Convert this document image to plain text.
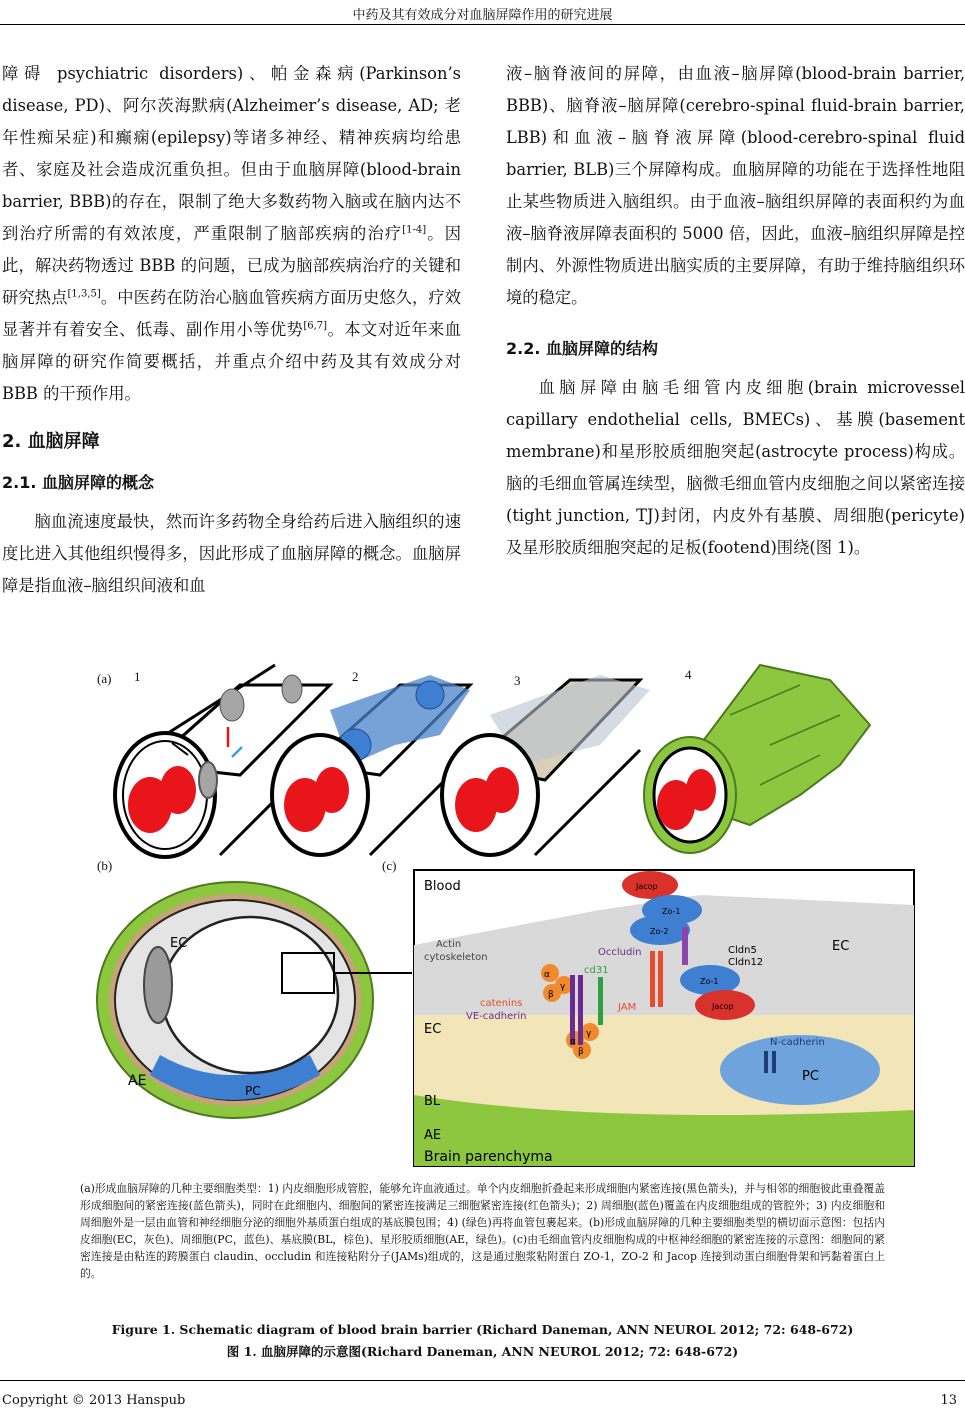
中药及其有效成分对血脑屏障作用的研究进展

障碍 psychiatric disorders)、帕金森病(Parkinson’s disease, PD)、阿尔茨海默病(Alzheimer’s disease, AD; 老年性痴呆症)和癫痫(epilepsy)等诸多神经、精神疾病均给患者、家庭及社会造成沉重负担。但由于血脑屏障(blood-brain barrier, BBB)的存在，限制了绝大多数药物入脑或在脑内达不到治疗所需的有效浓度，严重限制了脑部疾病的治疗[1-4]。因此，解决药物透过 BBB 的问题，已成为脑部疾病治疗的关键和研究热点[1,3,5]。中医药在防治心脑血管疾病方面历史悠久，疗效显著并有着安全、低毒、副作用小等优势[6,7]。本文对近年来血脑屏障的研究作简要概括，并重点介绍中药及其有效成分对 BBB 的干预作用。

2. 血脑屏障
2.1. 血脑屏障的概念

脑血流速度最快，然而许多药物全身给药后进入脑组织的速度比进入其他组织慢得多，因此形成了血脑屏障的概念。血脑屏障是指血液–脑组织间液和血

液–脑脊液间的屏障，由血液–脑屏障(blood-brain barrier, BBB)、脑脊液–脑屏障(cerebro-spinal fluid-brain barrier, LBB)和血液–脑脊液屏障(blood-cerebro-spinal fluid barrier, BLB)三个屏障构成。血脑屏障的功能在于选择性地阻止某些物质进入脑组织。由于血液–脑组织屏障的表面积约为血液–脑脊液屏障表面积的 5000 倍，因此，血液–脑组织屏障是控制内、外源性物质进出脑实质的主要屏障，有助于维持脑组织环境的稳定。

2.2. 血脑屏障的结构

血脑屏障由脑毛细管内皮细胞(brain microvessel capillary endothelial cells, BMECs)、基膜(basement membrane)和星形胶质细胞突起(astrocyte process)构成。脑的毛细血管属连续型，脑微毛细血管内皮细胞之间以紧密连接(tight junction, TJ)封闭，内皮外有基膜、周细胞(pericyte)及星形胶质细胞突起的足板(footend)围绕(图 1)。

(a) 1	2	3	4
(b)	(c)
EC
AE
PC
Blood
Actin
cytoskeleton	Occludin
Jacop
Zo-1
Zo-2
Zo-1
Jacop
Cldn5
Cldn12
EC
EC
catenins
VE-cadherin
cd31
JAM
N-cadherin
PC
BL
AE
Brain parenchyma
α
γ
β
α
γ
β
(a)形成血脑屏障的几种主要细胞类型：1) 内皮细胞形成管腔，能够允许血液通过。单个内皮细胞折叠起来形成细胞内紧密连接(黑色箭头)，并与相邻的细胞彼此重叠覆盖形成细胞间的紧密连接(蓝色箭头)，同时在此细胞内、细胞间的紧密连接满足三细胞紧密连接(红色箭头)；2) 周细胞(蓝色)覆盖在内皮细胞组成的管腔外；3) 内皮细胞和周细胞外是一层由血管和神经细胞分泌的细胞外基质蛋白组成的基底膜包围；4) (绿色)再将血管包裹起来。(b)形成血脑屏障的几种主要细胞类型的横切面示意图：包括内皮细胞(EC，灰色)、周细胞(PC，蓝色)、基底膜(BL，棕色)、星形胶质细胞(AE，绿色)。(c)由毛细血管内皮细胞构成的中枢神经细胞的紧密连接的示意图：细胞间的紧密连接是由粘连的跨膜蛋白 claudin、occludin 和连接粘附分子(JAMs)组成的，这是通过胞浆粘附蛋白 ZO-1，ZO-2 和 Jacop 连接到动蛋白细胞骨架和钙黏着蛋白上的。
Figure 1. Schematic diagram of blood brain barrier (Richard Daneman, ANN NEUROL 2012; 72: 648-672)
图 1. 血脑屏障的示意图(Richard Daneman, ANN NEUROL 2012; 72: 648-672)
Copyright © 2013 Hanspub	13
